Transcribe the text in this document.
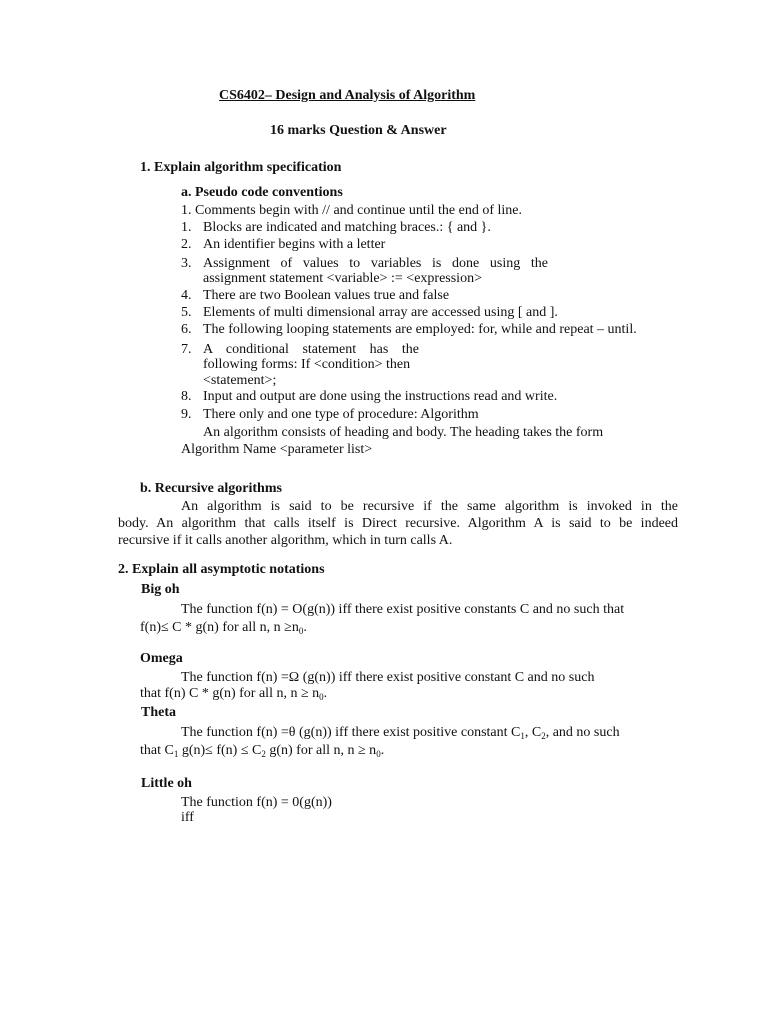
CS6402– Design and Analysis of Algorithm
16 marks Question & Answer
1. Explain algorithm specification
a. Pseudo code conventions
1. Comments begin with // and continue until the end of line.
1. Blocks are indicated and matching braces.: { and }.
2. An identifier begins with a letter
3. Assignment of values to variables is done using the
assignment statement <variable> := <expression>
4. There are two Boolean values true and false
5. Elements of multi dimensional array are accessed using [ and ].
6. The following looping statements are employed: for, while and repeat – until.
7. A conditional statement has the
following forms: If <condition> then
<statement>;
8. Input and output are done using the instructions read and write.
9. There only and one type of procedure: Algorithm
An algorithm consists of heading and body. The heading takes the form
Algorithm Name <parameter list>
b. Recursive algorithms
An algorithm is said to be recursive if the same algorithm is invoked in the
body. An algorithm that calls itself is Direct recursive. Algorithm A is said to be indeed
recursive if it calls another algorithm, which in turn calls A.
2. Explain all asymptotic notations
Big oh
The function f(n) = O(g(n)) iff there exist positive constants C and no such that
f(n)≤ C * g(n) for all n, $n \ge n_0$.
Omega
The function f(n) =Ω (g(n)) iff there exist positive constant C and no such
that f(n) C * g(n) for all n, $n \ge n_0$.
Theta
The function f(n) =θ (g(n)) iff there exist positive constant $C_1$, $C_2$, and no such
that $C_1$ $g(n)\le f(n) \le C_2$ g(n) for all n, $n \ge n_0$.
Little oh
The function f(n) = 0(g(n))
iff
